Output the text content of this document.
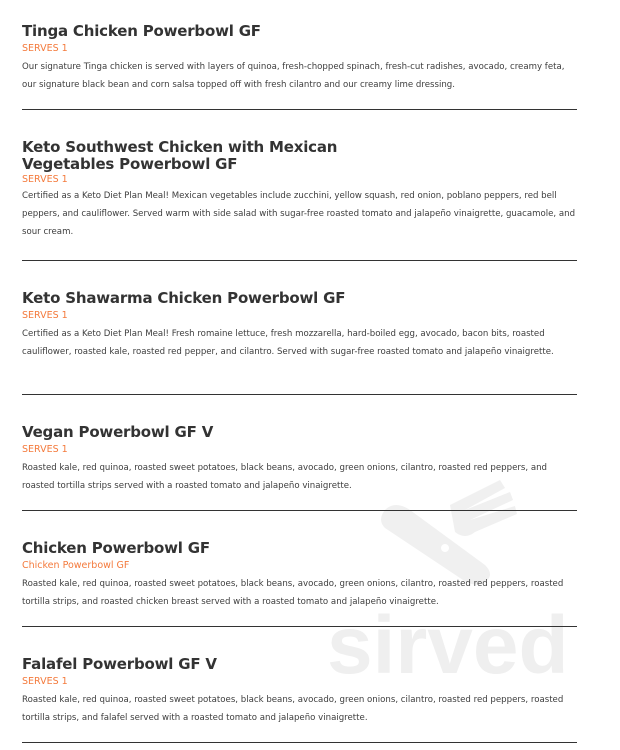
sirved
Tinga Chicken Powerbowl GF
SERVES 1
Our signature Tinga chicken is served with layers of quinoa, fresh-chopped spinach, fresh-cut radishes, avocado, creamy feta, our signature black bean and corn salsa topped off with fresh cilantro and our creamy lime dressing.
Keto Southwest Chicken with Mexican Vegetables Powerbowl GF
SERVES 1
Certified as a Keto Diet Plan Meal! Mexican vegetables include zucchini, yellow squash, red onion, poblano peppers, red bell peppers, and cauliflower. Served warm with side salad with sugar-free roasted tomato and jalapeño vinaigrette, guacamole, and sour cream.
Keto Shawarma Chicken Powerbowl GF
SERVES 1
Certified as a Keto Diet Plan Meal! Fresh romaine lettuce, fresh mozzarella, hard-boiled egg, avocado, bacon bits, roasted cauliflower, roasted kale, roasted red pepper, and cilantro. Served with sugar-free roasted tomato and jalapeño vinaigrette.
Vegan Powerbowl GF V
SERVES 1
Roasted kale, red quinoa, roasted sweet potatoes, black beans, avocado, green onions, cilantro, roasted red peppers, and roasted tortilla strips served with a roasted tomato and jalapeño vinaigrette.
Chicken Powerbowl GF
Chicken Powerbowl GF
Roasted kale, red quinoa, roasted sweet potatoes, black beans, avocado, green onions, cilantro, roasted red peppers, roasted tortilla strips, and roasted chicken breast served with a roasted tomato and jalapeño vinaigrette.
Falafel Powerbowl GF V
SERVES 1
Roasted kale, red quinoa, roasted sweet potatoes, black beans, avocado, green onions, cilantro, roasted red peppers, roasted tortilla strips, and falafel served with a roasted tomato and jalapeño vinaigrette.
